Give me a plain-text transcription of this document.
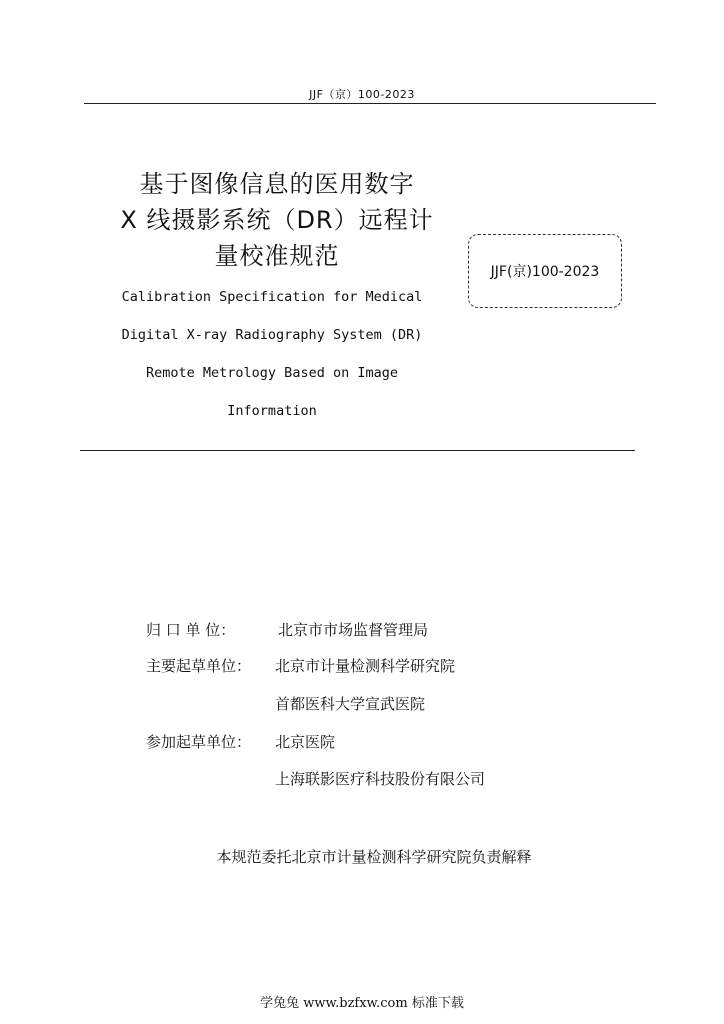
JJF（京）100-2023
基于图像信息的医用数字
X 线摄影系统（DR）远程计
量校准规范
JJF(京)100-2023
Calibration Specification for Medical
Digital X-ray Radiography System (DR)
Remote Metrology Based on Image
Information
归 口 单 位：	北京市市场监督管理局
主要起草单位： 北京市计量检测科学研究院
首都医科大学宣武医院
参加起草单位： 北京医院
上海联影医疗科技股份有限公司
本规范委托北京市计量检测科学研究院负责解释
学兔兔 www.bzfxw.com 标准下载
